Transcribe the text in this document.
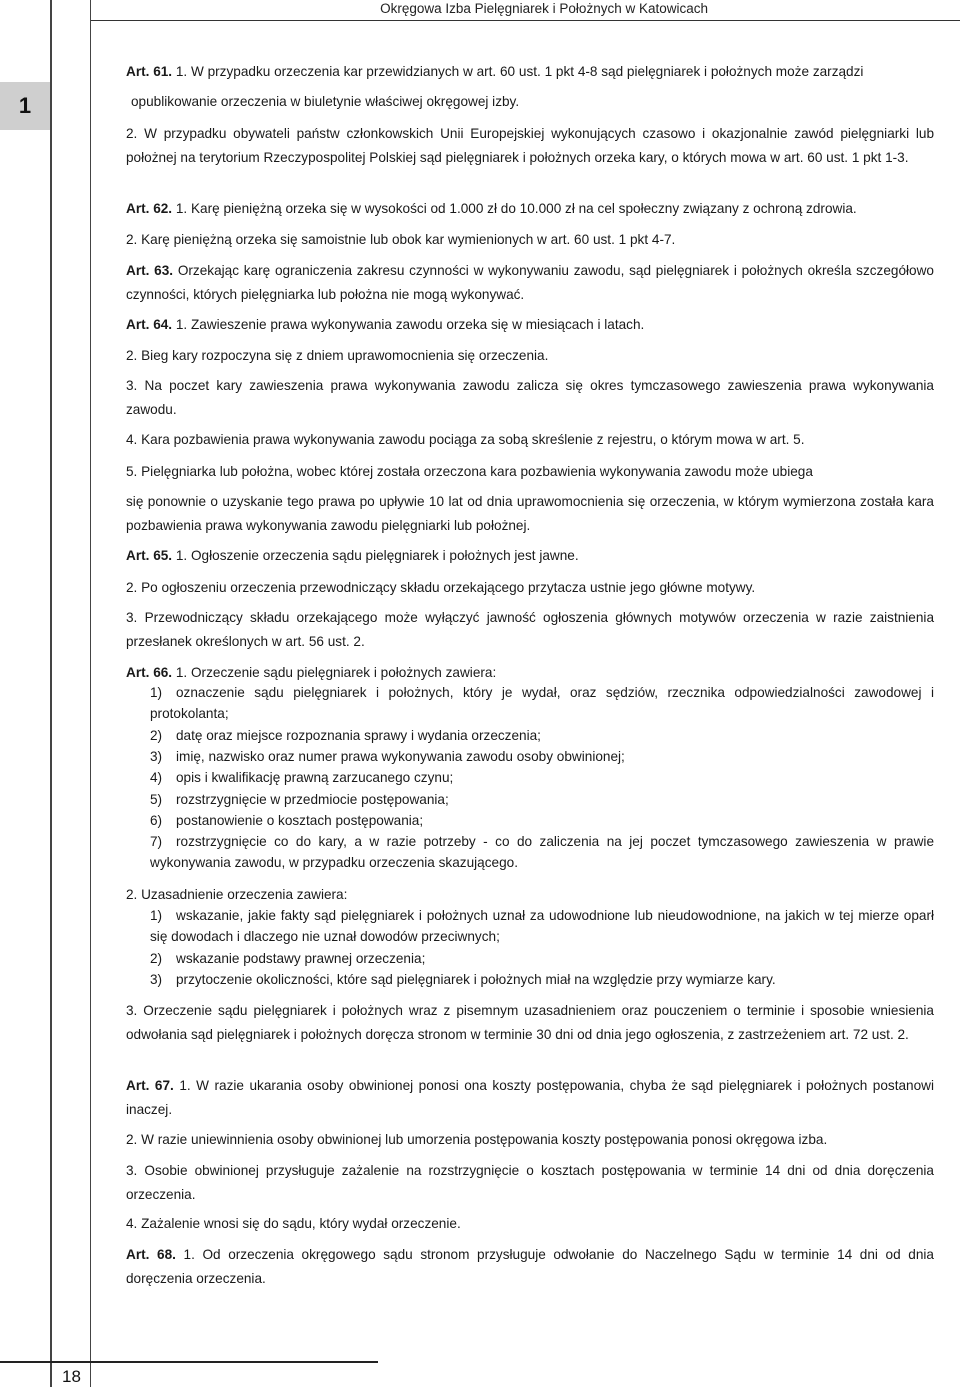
Okręgowa Izba Pielęgniarek i Położnych w Katowicach
1

Art. 61. 1. W przypadku orzeczenia kar przewidzianych w art. 60 ust. 1 pkt 4-8 sąd pielęgniarek i położnych może zarządzi

opublikowanie orzeczenia w biuletynie właściwej okręgowej izby.

2. W przypadku obywateli państw członkowskich Unii Europejskiej wykonujących czasowo i okazjonalnie zawód pielęgniarki lub położnej na terytorium Rzeczypospolitej Polskiej sąd pielęgniarek i położnych orzeka kary, o których mowa w art. 60 ust. 1 pkt 1-3.

Art. 62. 1. Karę pieniężną orzeka się w wysokości od 1.000 zł do 10.000 zł na cel społeczny związany z ochroną zdrowia.

2. Karę pieniężną orzeka się samoistnie lub obok kar wymienionych w art. 60 ust. 1 pkt 4-7.

Art. 63. Orzekając karę ograniczenia zakresu czynności w wykonywaniu zawodu, sąd pielęgniarek i położnych określa szczegółowo czynności, których pielęgniarka lub położna nie mogą wykonywać.

Art. 64. 1. Zawieszenie prawa wykonywania zawodu orzeka się w miesiącach i latach.

2. Bieg kary rozpoczyna się z dniem uprawomocnienia się orzeczenia.

3. Na poczet kary zawieszenia prawa wykonywania zawodu zalicza się okres tymczasowego zawieszenia prawa wykonywania zawodu.

4. Kara pozbawienia prawa wykonywania zawodu pociąga za sobą skreślenie z rejestru, o którym mowa w art. 5.

5. Pielęgniarka lub położna, wobec której została orzeczona kara pozbawienia wykonywania zawodu może ubiega

się ponownie o uzyskanie tego prawa po upływie 10 lat od dnia uprawomocnienia się orzeczenia, w którym wymierzona została kara pozbawienia prawa wykonywania zawodu pielęgniarki lub położnej.

Art. 65. 1. Ogłoszenie orzeczenia sądu pielęgniarek i położnych jest jawne.

2. Po ogłoszeniu orzeczenia przewodniczący składu orzekającego przytacza ustnie jego główne motywy.

3. Przewodniczący składu orzekającego może wyłączyć jawność ogłoszenia głównych motywów orzeczenia w razie zaistnienia przesłanek określonych w art. 56 ust. 2.

Art. 66. 1. Orzeczenie sądu pielęgniarek i położnych zawiera:

1) oznaczenie sądu pielęgniarek i położnych, który je wydał, oraz sędziów, rzecznika odpowiedzialności zawodowej i protokolanta;
2) datę oraz miejsce rozpoznania sprawy i wydania orzeczenia;
3) imię, nazwisko oraz numer prawa wykonywania zawodu osoby obwinionej;
4) opis i kwalifikację prawną zarzucanego czynu;
5) rozstrzygnięcie w przedmiocie postępowania;
6) postanowienie o kosztach postępowania;
7) rozstrzygnięcie co do kary, a w razie potrzeby - co do zaliczenia na jej poczet tymczasowego zawieszenia w prawie wykonywania zawodu, w przypadku orzeczenia skazującego.

2. Uzasadnienie orzeczenia zawiera:

1) wskazanie, jakie fakty sąd pielęgniarek i położnych uznał za udowodnione lub nieudowodnione, na jakich w tej mierze oparł się dowodach i dlaczego nie uznał dowodów przeciwnych;
2) wskazanie podstawy prawnej orzeczenia;
3) przytoczenie okoliczności, które sąd pielęgniarek i położnych miał na względzie przy wymiarze kary.

3. Orzeczenie sądu pielęgniarek i położnych wraz z pisemnym uzasadnieniem oraz pouczeniem o terminie i sposobie wniesienia odwołania sąd pielęgniarek i położnych doręcza stronom w terminie 30 dni od dnia jego ogłoszenia, z zastrzeżeniem art. 72 ust. 2.

Art. 67. 1. W razie ukarania osoby obwinionej ponosi ona koszty postępowania, chyba że sąd pielęgniarek i położnych postanowi inaczej.

2. W razie uniewinnienia osoby obwinionej lub umorzenia postępowania koszty postępowania ponosi okręgowa izba.

3. Osobie obwinionej przysługuje zażalenie na rozstrzygnięcie o kosztach postępowania w terminie 14 dni od dnia doręczenia orzeczenia.

4. Zażalenie wnosi się do sądu, który wydał orzeczenie.

Art. 68. 1. Od orzeczenia okręgowego sądu stronom przysługuje odwołanie do Naczelnego Sądu w terminie 14 dni od dnia doręczenia orzeczenia.

18
